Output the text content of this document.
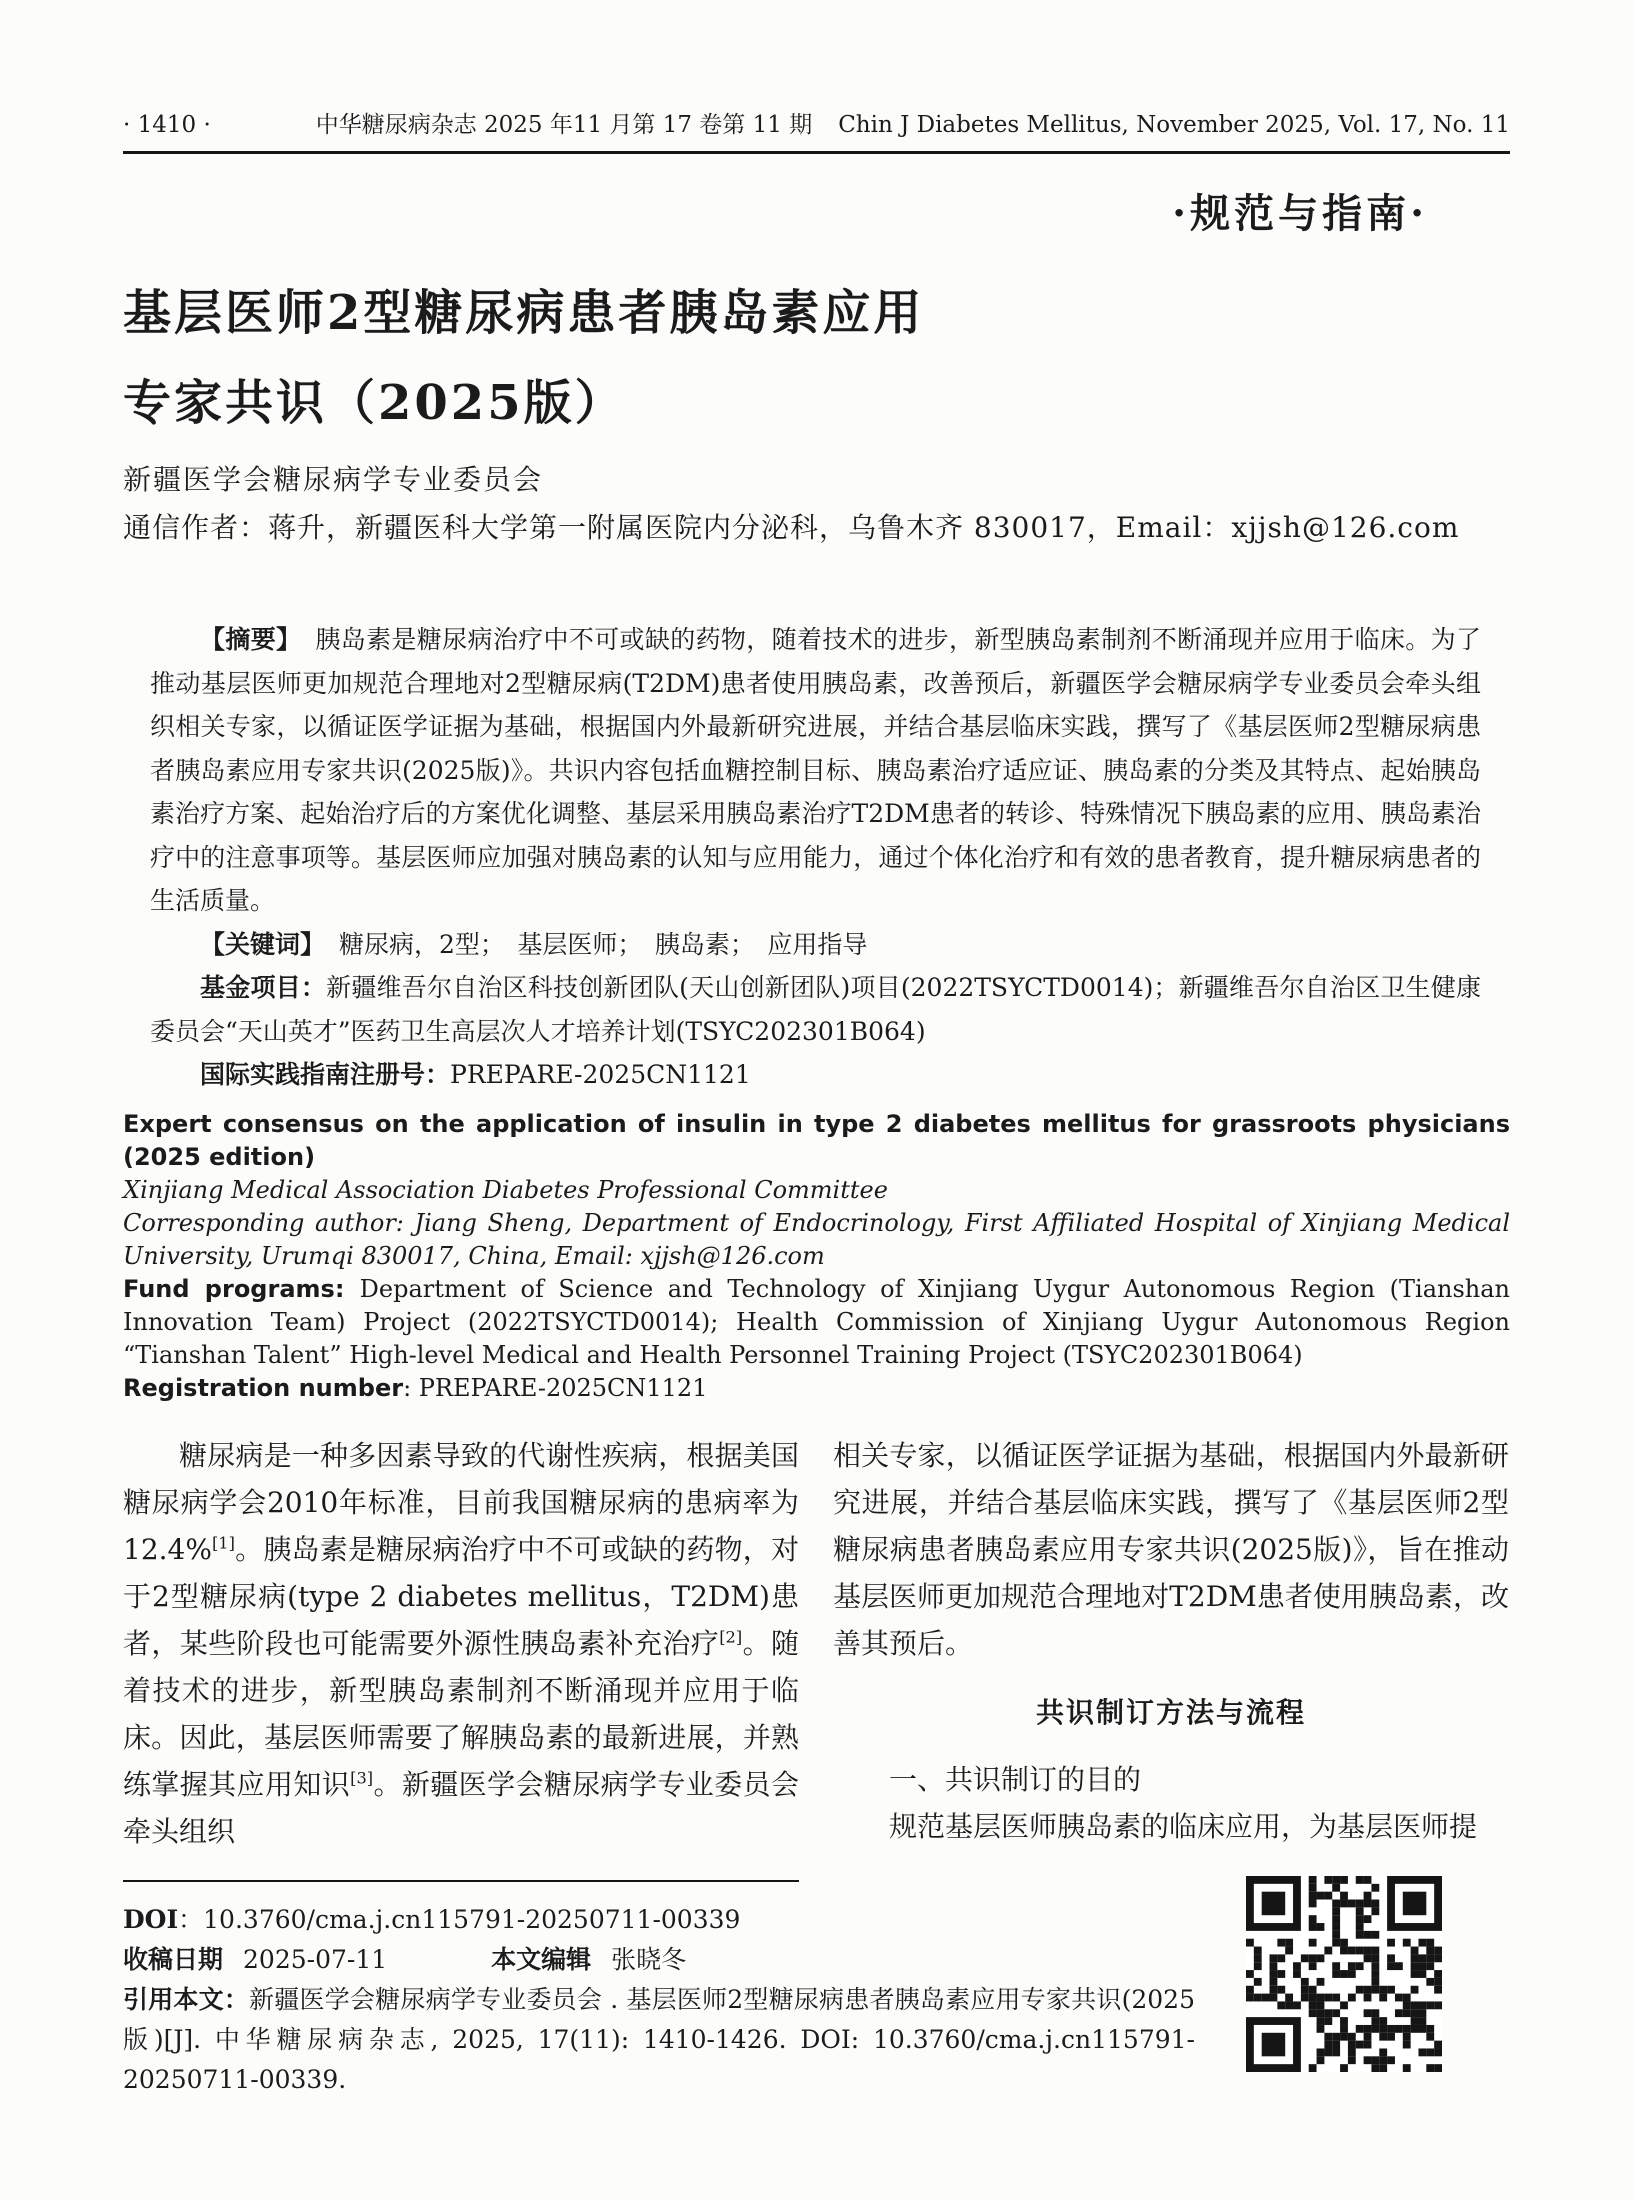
· 1410 ·	中华糖尿病杂志 2025 年11 月第 17 卷第 11 期 Chin J Diabetes Mellitus, November 2025, Vol. 17, No. 11
·规范与指南·
基层医师2型糖尿病患者胰岛素应用
专家共识（2025版）
新疆医学会糖尿病学专业委员会
通信作者：蒋升，新疆医科大学第一附属医院内分泌科，乌鲁木齐 830017，Email：xjjsh@126.com

【摘要】 胰岛素是糖尿病治疗中不可或缺的药物，随着技术的进步，新型胰岛素制剂不断涌现并应用于临床。为了推动基层医师更加规范合理地对2型糖尿病(T2DM)患者使用胰岛素，改善预后，新疆医学会糖尿病学专业委员会牵头组织相关专家，以循证医学证据为基础，根据国内外最新研究进展，并结合基层临床实践，撰写了《基层医师2型糖尿病患者胰岛素应用专家共识(2025版)》。共识内容包括血糖控制目标、胰岛素治疗适应证、胰岛素的分类及其特点、起始胰岛素治疗方案、起始治疗后的方案优化调整、基层采用胰岛素治疗T2DM患者的转诊、特殊情况下胰岛素的应用、胰岛素治疗中的注意事项等。基层医师应加强对胰岛素的认知与应用能力，通过个体化治疗和有效的患者教育，提升糖尿病患者的生活质量。

【关键词】 糖尿病，2型；　基层医师；　胰岛素；　应用指导

基金项目：新疆维吾尔自治区科技创新团队(天山创新团队)项目(2022TSYCTD0014)；新疆维吾尔自治区卫生健康委员会“天山英才”医药卫生高层次人才培养计划(TSYC202301B064)

国际实践指南注册号：PREPARE-2025CN1121

Expert consensus on the application of insulin in type 2 diabetes mellitus for grassroots physicians (2025 edition)

Xinjiang Medical Association Diabetes Professional Committee

Corresponding author: Jiang Sheng, Department of Endocrinology, First Affiliated Hospital of Xinjiang Medical University, Urumqi 830017, China, Email: xjjsh@126.com

Fund programs: Department of Science and Technology of Xinjiang Uygur Autonomous Region (Tianshan Innovation Team) Project (2022TSYCTD0014); Health Commission of Xinjiang Uygur Autonomous Region “Tianshan Talent” High-level Medical and Health Personnel Training Project (TSYC202301B064)

Registration number: PREPARE-2025CN1121

糖尿病是一种多因素导致的代谢性疾病，根据美国糖尿病学会2010年标准，目前我国糖尿病的患病率为12.4%[1]。胰岛素是糖尿病治疗中不可或缺的药物，对于2型糖尿病(type 2 diabetes mellitus，T2DM)患者，某些阶段也可能需要外源性胰岛素补充治疗[2]。随着技术的进步，新型胰岛素制剂不断涌现并应用于临床。因此，基层医师需要了解胰岛素的最新进展，并熟练掌握其应用知识[3]。新疆医学会糖尿病学专业委员会牵头组织

相关专家，以循证医学证据为基础，根据国内外最新研究进展，并结合基层临床实践，撰写了《基层医师2型糖尿病患者胰岛素应用专家共识(2025版)》，旨在推动基层医师更加规范合理地对T2DM患者使用胰岛素，改善其预后。

共识制订方法与流程

一、共识制订的目的

规范基层医师胰岛素的临床应用，为基层医师提

DOI：10.3760/cma.j.cn115791-20250711-00339

收稿日期 2025-07-11	本文编辑 张晓冬

引用本文：新疆医学会糖尿病学专业委员会 . 基层医师2型糖尿病患者胰岛素应用专家共识(2025版)[J]. 中华糖尿病杂志, 2025, 17(11): 1410-1426. DOI: 10.3760/cma.j.cn115791-20250711-00339.
